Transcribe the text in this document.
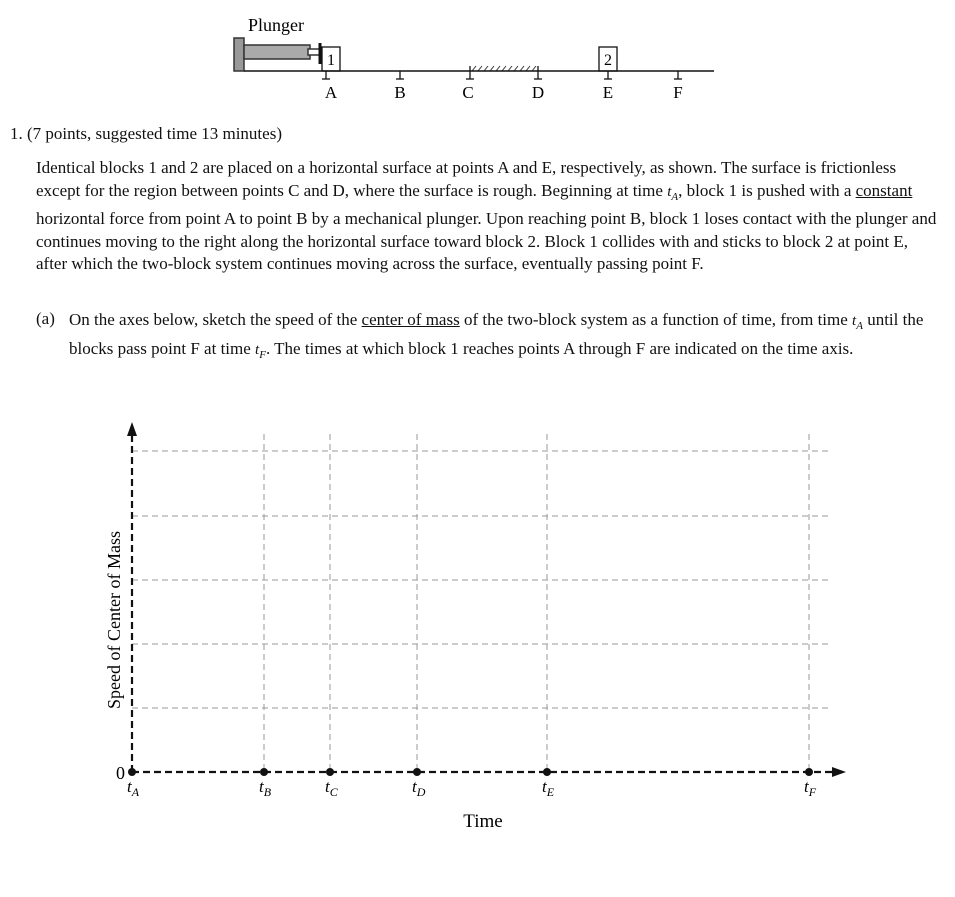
Plunger
1	2
A	B	C	D	E	F
1. (7 points, suggested time 13 minutes)
Identical blocks 1 and 2 are placed on a horizontal surface at points A and E, respectively, as shown. The surface is frictionless except for the region between points C and D, where the surface is rough. Beginning at time $t_A$, block 1 is pushed with a constant horizontal force from point A to point B by a mechanical plunger. Upon reaching point B, block 1 loses contact with the plunger and continues moving to the right along the horizontal surface toward block 2. Block 1 collides with and sticks to block 2 at point E, after which the two-block system continues moving across the surface, eventually passing point F.
(a) On the axes below, sketch the speed of the center of mass of the two-block system as a function of time, from time $t_A$ until the blocks pass point F at time $t_F$. The times at which block 1 reaches points A through F are indicated on the time axis.
$t_A$	$t_B$	$t_C$	$t_D$	$t_E$	$t_F$
0
Speed of Center of Mass
Time
